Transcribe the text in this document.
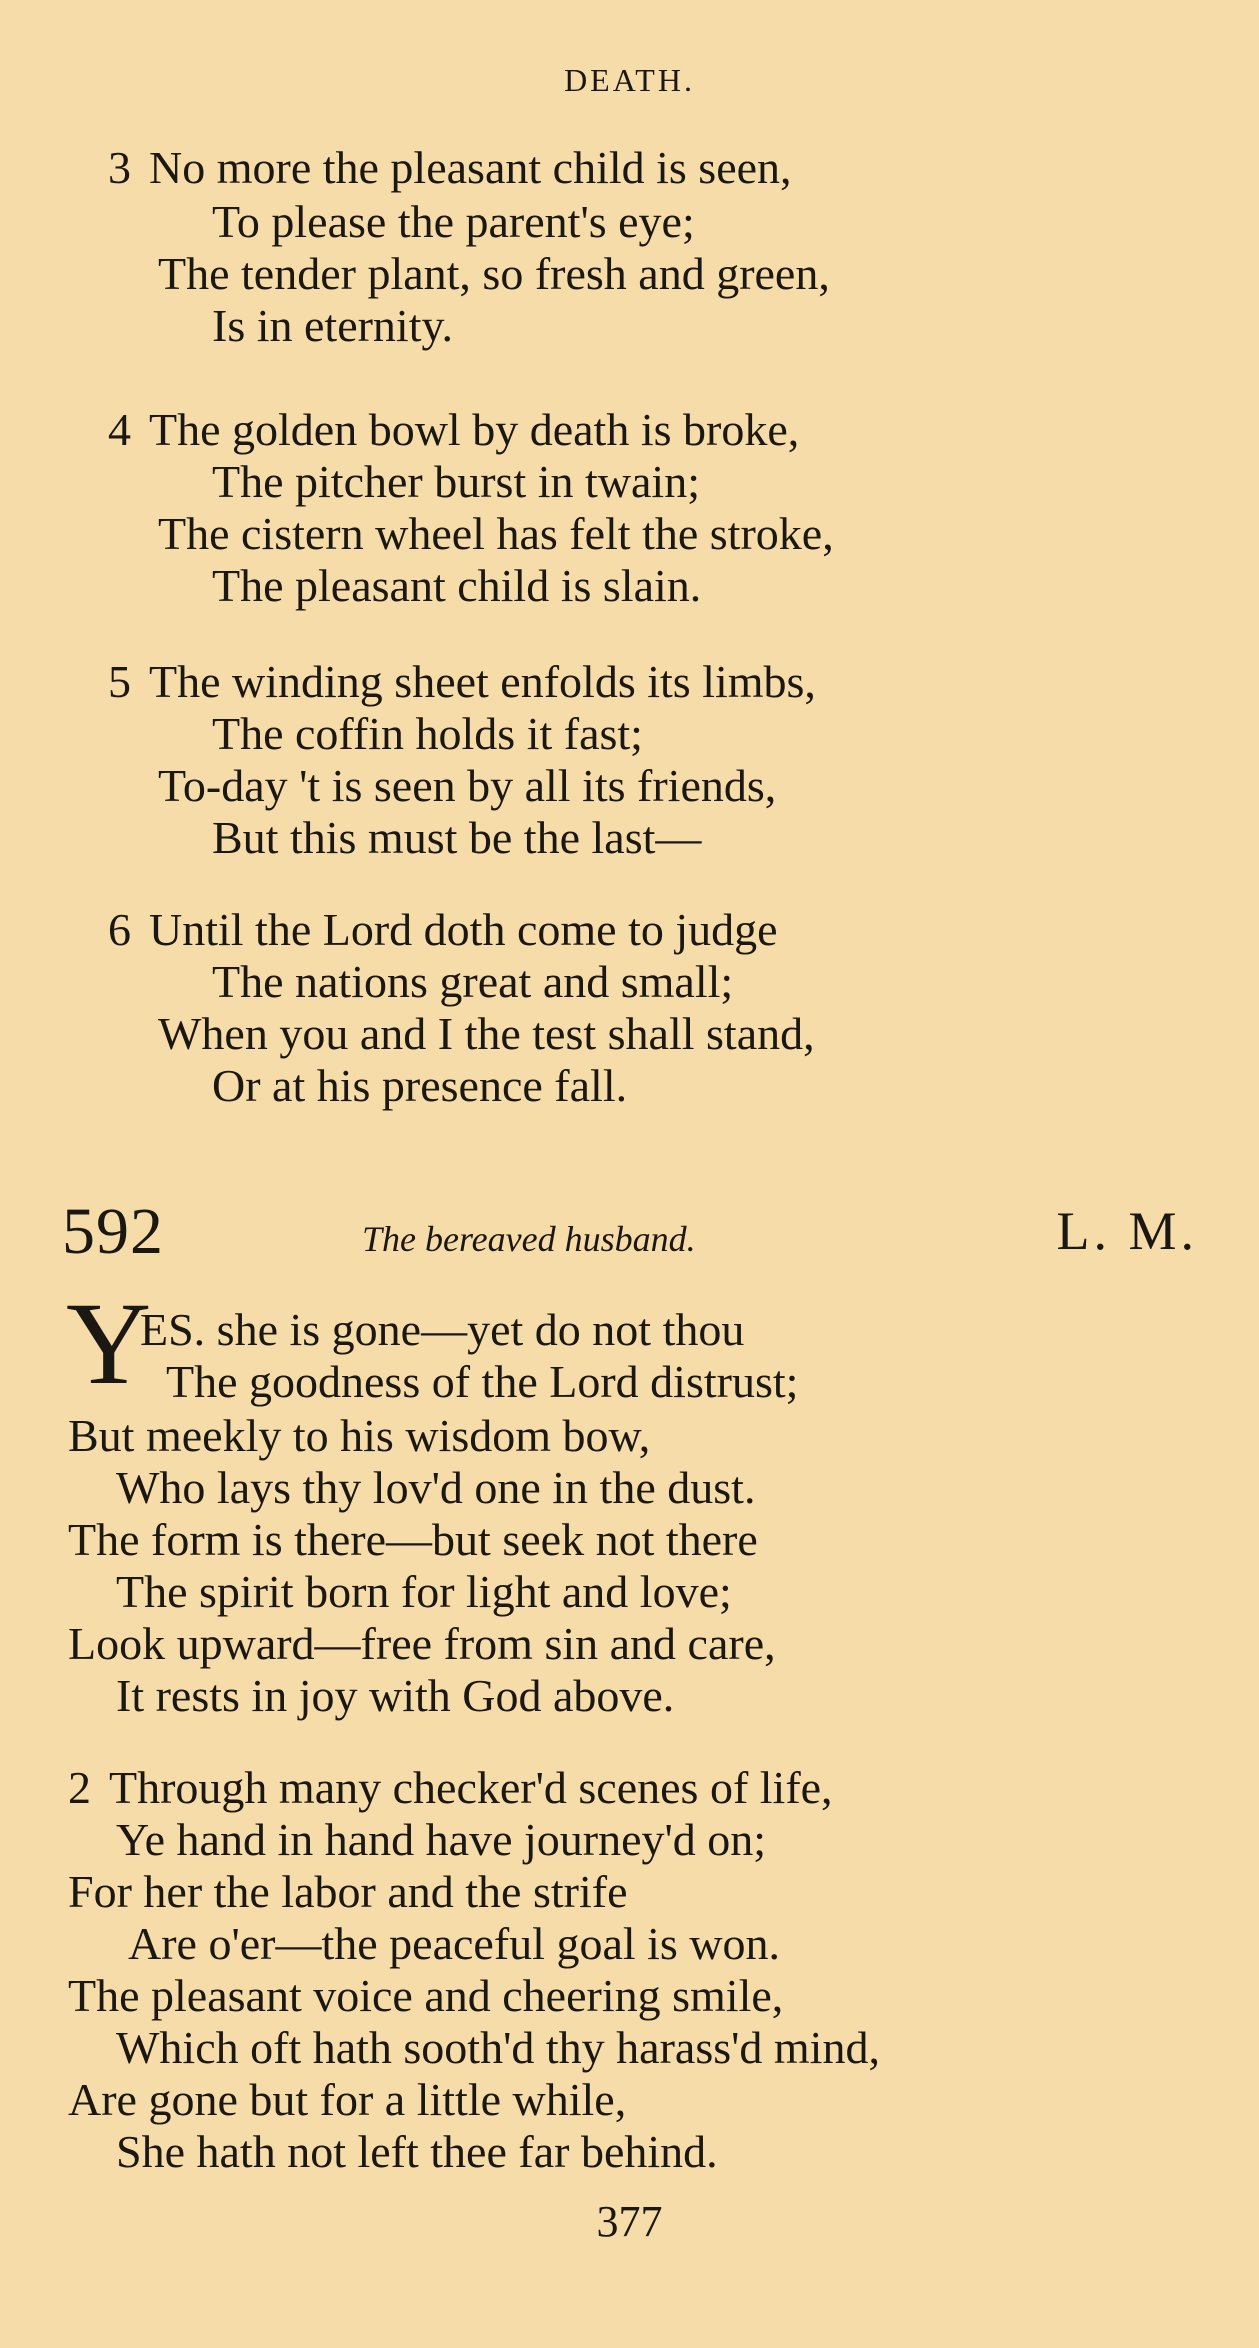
DEATH.
3 No more the pleasant child is seen,
To please the parent's eye;
The tender plant, so fresh and green,
Is in eternity.
4 The golden bowl by death is broke,
The pitcher burst in twain;
The cistern wheel has felt the stroke,
The pleasant child is slain.
5 The winding sheet enfolds its limbs,
The coffin holds it fast;
To-day 't is seen by all its friends,
But this must be the last—
6 Until the Lord doth come to judge
The nations great and small;
When you and I the test shall stand,
Or at his presence fall.
592	The bereaved husband.	L. M.
Y
ES. she is gone—yet do not thou
The goodness of the Lord distrust;
But meekly to his wisdom bow,
Who lays thy lov'd one in the dust.
The form is there—but seek not there
The spirit born for light and love;
Look upward—free from sin and care,
It rests in joy with God above.
2 Through many checker'd scenes of life,
Ye hand in hand have journey'd on;
For her the labor and the strife
Are o'er—the peaceful goal is won.
The pleasant voice and cheering smile,
Which oft hath sooth'd thy harass'd mind,
Are gone but for a little while,
She hath not left thee far behind.
377
